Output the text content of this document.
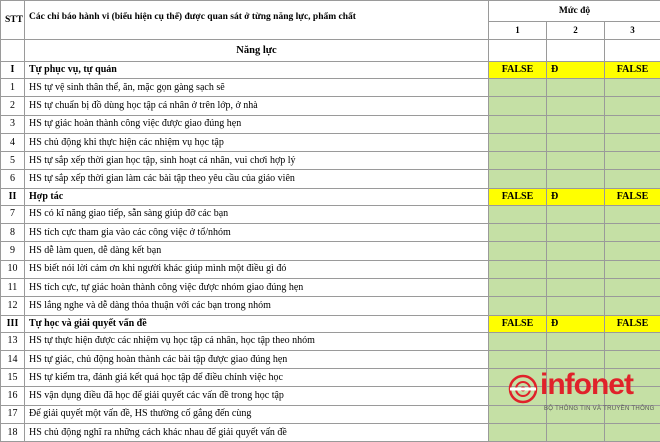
STT	Các chỉ báo hành vi (biểu hiện cụ thể) được quan sát ở từng năng lực, phẩm chất	Mức độ		
		1	2	3
	Năng lực			
I	Tự phục vụ, tự quản	FALSE	Đ	FALSE
1	HS tự vệ sinh thân thể, ăn, mặc gọn gàng sạch sẽ			
2	HS tự chuẩn bị đồ dùng học tập cá nhân ở trên lớp, ở nhà			
3	HS tự giác hoàn thành công việc được giao đúng hẹn			
4	HS chủ động khi thực hiện các nhiệm vụ học tập			
5	HS tự sắp xếp thời gian học tập, sinh hoạt cá nhân, vui chơi hợp lý			
6	HS tự sắp xếp thời gian làm các bài tập theo yêu cầu của giáo viên			
II	Hợp tác	FALSE	Đ	FALSE
7	HS có kĩ năng giao tiếp, sẵn sàng giúp đỡ các bạn			
8	HS tích cực tham gia vào các công việc ở tổ/nhóm			
9	HS dễ làm quen, dễ dàng kết bạn			
10	HS biết nói lời cảm ơn khi người khác giúp mình một điều gì đó			
11	HS tích cực, tự giác hoàn thành công việc được nhóm giao đúng hẹn			
12	HS lắng nghe và dễ dàng thỏa thuận với các bạn trong nhóm			
III	Tự học và giải quyết vấn đề	FALSE	Đ	FALSE
13	HS tự thực hiện được các nhiệm vụ học tập cá nhân, học tập theo nhóm			
14	HS tự giác, chủ động hoàn thành các bài tập được giao đúng hẹn			
15	HS tự kiểm tra, đánh giá kết quả học tập để điều chỉnh việc học			
16	HS vận dụng điều đã học để giải quyết các vấn đề trong học tập			
17	Để giải quyết một vấn đề, HS thường cố gắng đến cùng			
18	HS chủ động nghĩ ra những cách khác nhau để giải quyết vấn đề			
infonet
BỘ THÔNG TIN VÀ TRUYỀN THÔNG
